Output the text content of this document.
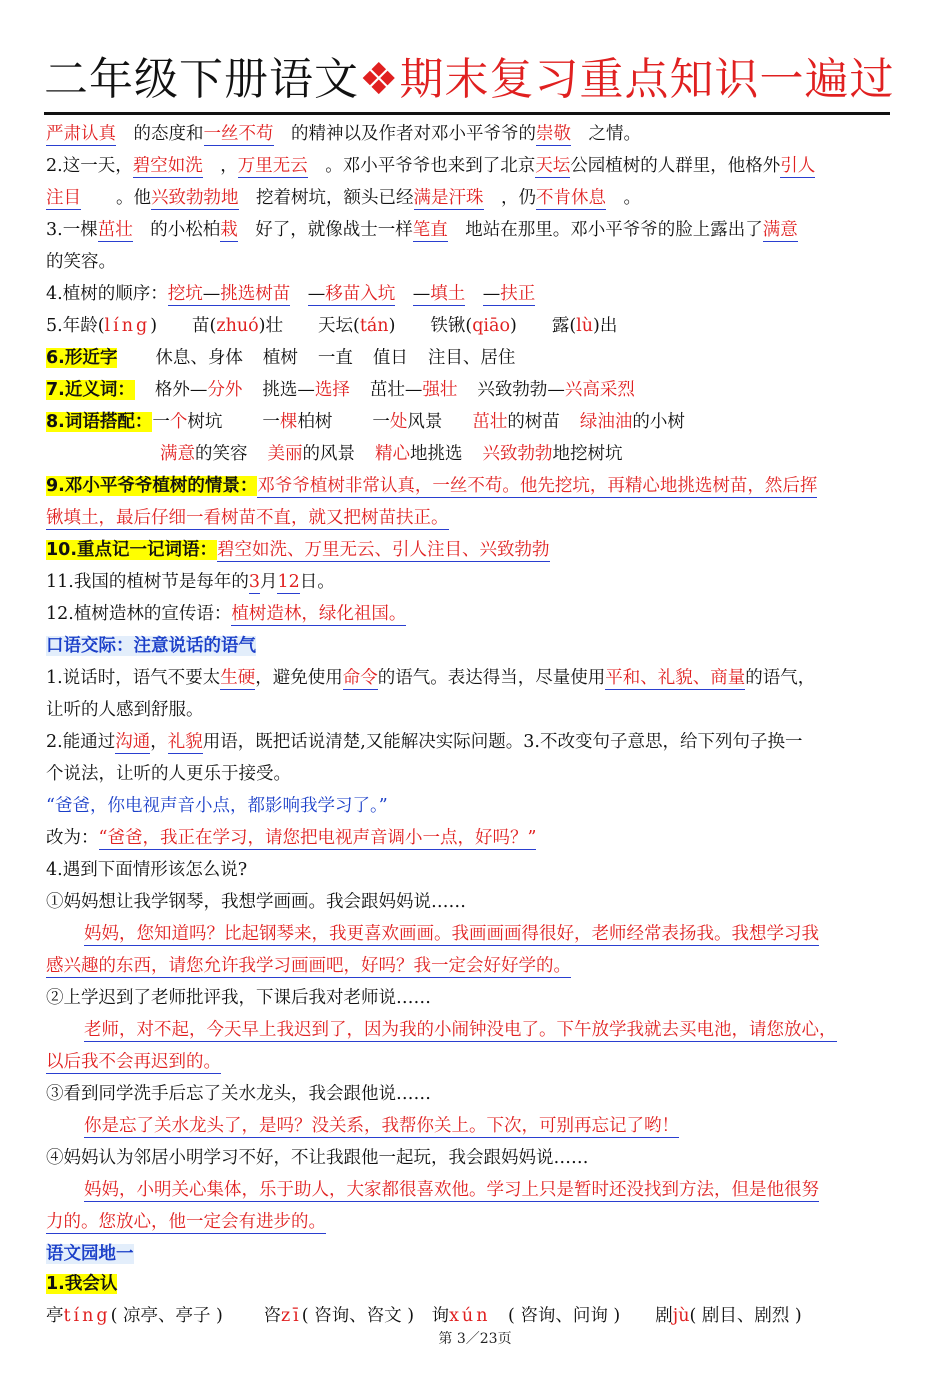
二年级下册语文❖期末复习重点知识一遍过
严肃认真　 的态度和一丝不苟　 的精神以及作者对邓小平爷爷的崇敬　 之情。
2.这一天，碧空如洗　 ，万里无云　 。邓小平爷爷也来到了北京天坛公园植树的人群里，他格外引人
注目　　 。他兴致勃勃地　 挖着树坑，额头已经满是汗珠　 ，仍不肯休息　 。
3.一棵茁壮　 的小松柏栽　 好了，就像战士一样笔直　 地站在那里。邓小平爷爷的脸上露出了满意
的笑容。
4.植树的顺序：挖坑—挑选树苗　 —移苗入坑　 —填土　 —扶正
5.年龄(líng)　　苗(zhuó)壮　　天坛(tán)　　铁锹(qiāo)　　露(lù)出
6.形近字 休息、身体 植树 一直 值日 注目、居住
7.近义词： 格外—分外 挑选—选择 茁壮—强壮 兴致勃勃—兴高采烈
8.词语搭配：一个树坑 一棵柏树 一处风景 茁壮的树苗 绿油油的小树
满意的笑容 美丽的风景 精心地挑选 兴致勃勃地挖树坑
9.邓小平爷爷植树的情景：邓爷爷植树非常认真，一丝不苟。他先挖坑，再精心地挑选树苗，然后挥
锹填土，最后仔细一看树苗不直，就又把树苗扶正。
10.重点记一记词语：碧空如洗、万里无云、引人注目、兴致勃勃
11.我国的植树节是每年的3月12日。
12.植树造林的宣传语：植树造林，绿化祖国。
口语交际：注意说话的语气
1.说话时，语气不要太生硬，避免使用命令的语气。表达得当，尽量使用平和、礼貌、商量的语气，
让听的人感到舒服。
2.能通过沟通，礼貌用语，既把话说清楚,又能解决实际问题。3.不改变句子意思，给下列句子换一
个说法，让听的人更乐于接受。
“爸爸，你电视声音小点，都影响我学习了。”
改为：“爸爸，我正在学习，请您把电视声音调小一点，好吗？”
4.遇到下面情形该怎么说?
①妈妈想让我学钢琴，我想学画画。我会跟妈妈说……
妈妈，您知道吗？比起钢琴来，我更喜欢画画。我画画画得很好，老师经常表扬我。我想学习我
感兴趣的东西，请您允许我学习画画吧，好吗？我一定会好好学的。
②上学迟到了老师批评我，下课后我对老师说……
老师，对不起，今天早上我迟到了，因为我的小闹钟没电了。下午放学我就去买电池，请您放心，
以后我不会再迟到的。
③看到同学洗手后忘了关水龙头，我会跟他说……
你是忘了关水龙头了，是吗？没关系，我帮你关上。下次，可别再忘记了哟！
④妈妈认为邻居小明学习不好，不让我跟他一起玩，我会跟妈妈说……
妈妈，小明关心集体，乐于助人，大家都很喜欢他。学习上只是暂时还没找到方法，但是他很努
力的。您放心，他一定会有进步的。
语文园地一
1.我会认
亭tíng( 凉亭、亭子 )　　 咨zī( 咨询、咨文 )　询xún　( 咨询、问询 )　　剧jù( 剧目、剧烈 )
第 3／23页
